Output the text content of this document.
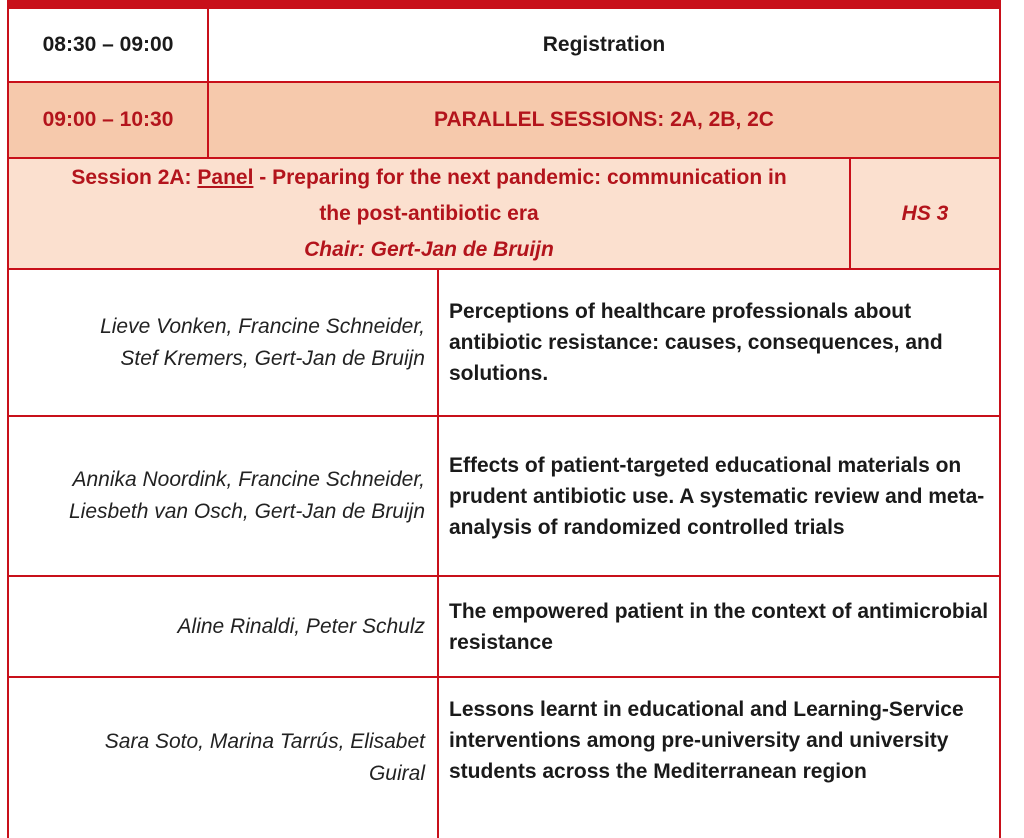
08:30 – 09:00	Registration
09:00 – 10:30	PARALLEL SESSIONS: 2A, 2B, 2C
Session 2A: Panel - Preparing for the next pandemic: communication in
the post-antibiotic era
Chair: Gert-Jan de Bruijn
HS 3
Lieve Vonken, Francine Schneider,
Stef Kremers, Gert-Jan de Bruijn
Perceptions of healthcare professionals about antibiotic resistance: causes, consequences, and solutions.
Annika Noordink, Francine Schneider,
Liesbeth van Osch, Gert-Jan de Bruijn
Effects of patient-targeted educational materials on prudent antibiotic use. A systematic review and meta-analysis of randomized controlled trials
Aline Rinaldi, Peter Schulz
The empowered patient in the context of antimicrobial resistance
Sara Soto, Marina Tarrús, Elisabet
Guiral
Lessons learnt in educational and Learning-Service interventions among pre-university and university students across the Mediterranean region
